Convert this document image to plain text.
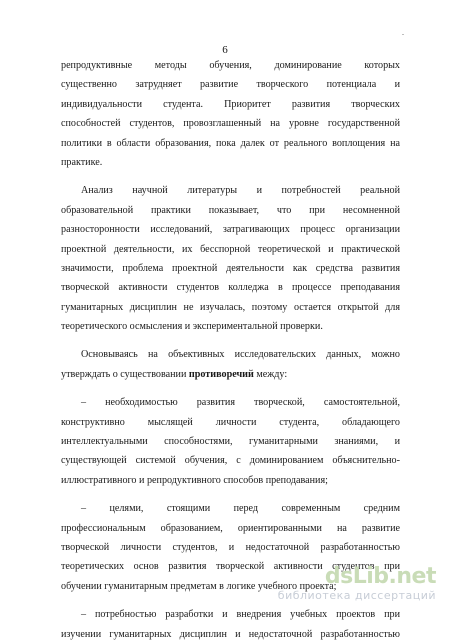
.
6
репродуктивные методы обучения, доминирование которых
существенно затрудняет развитие творческого потенциала и
индивидуальности студента. Приоритет развития творческих
способностей студентов, провозглашенный на уровне государственной
политики в области образования, пока далек от реального воплощения на
практике.
Анализ научной литературы и потребностей реальной
образовательной практики показывает, что при несомненной
разносторонности исследований, затрагивающих процесс организации
проектной деятельности, их бесспорной теоретической и практической
значимости, проблема проектной деятельности как средства развития
творческой активности студентов колледжа в процессе преподавания
гуманитарных дисциплин не изучалась, поэтому остается открытой для
теоретического осмысления и экспериментальной проверки.
Основываясь на объективных исследовательских данных, можно
утверждать о существовании противоречий между:
– необходимостью развития творческой, самостоятельной,
конструктивно мыслящей личности студента, обладающего
интеллектуальными способностями, гуманитарными знаниями, и
существующей системой обучения, с доминированием объяснительно-
иллюстративного и репродуктивного способов преподавания;
– целями, стоящими перед современным средним
профессиональным образованием, ориентированными на развитие
творческой личности студентов, и недостаточной разработанностью
теоретических основ развития творческой активности студентов при
обучении гуманитарным предметам в логике учебного проекта;
– потребностью разработки и внедрения учебных проектов при
изучении гуманитарных дисциплин и недостаточной разработанностью
dsLib.net
библиотека диссертаций
